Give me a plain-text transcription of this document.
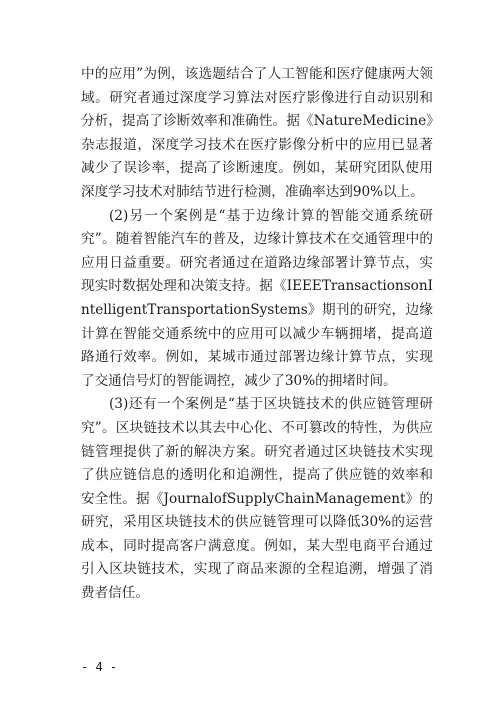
中的应用”为例，该选题结合了人工智能和医疗健康两大领域。研究者通过深度学习算法对医疗影像进行自动识别和分析，提高了诊断效率和准确性。据《NatureMedicine》杂志报道，深度学习技术在医疗影像分析中的应用已显著减少了误诊率，提高了诊断速度。例如，某研究团队使用深度学习技术对肺结节进行检测，准确率达到90%以上。

(2)另一个案例是“基于边缘计算的智能交通系统研究”。随着智能汽车的普及，边缘计算技术在交通管理中的应用日益重要。研究者通过在道路边缘部署计算节点，实现实时数据处理和决策支持。据《IEEETransactionsonIntelligentTransportationSystems》期刊的研究，边缘计算在智能交通系统中的应用可以减少车辆拥堵，提高道路通行效率。例如，某城市通过部署边缘计算节点，实现了交通信号灯的智能调控，减少了30%的拥堵时间。

(3)还有一个案例是“基于区块链技术的供应链管理研究”。区块链技术以其去中心化、不可篡改的特性，为供应链管理提供了新的解决方案。研究者通过区块链技术实现了供应链信息的透明化和追溯性，提高了供应链的效率和安全性。据《JournalofSupplyChainManagement》的研究，采用区块链技术的供应链管理可以降低30%的运营成本，同时提高客户满意度。例如，某大型电商平台通过引入区块链技术，实现了商品来源的全程追溯，增强了消费者信任。

- 4 -
